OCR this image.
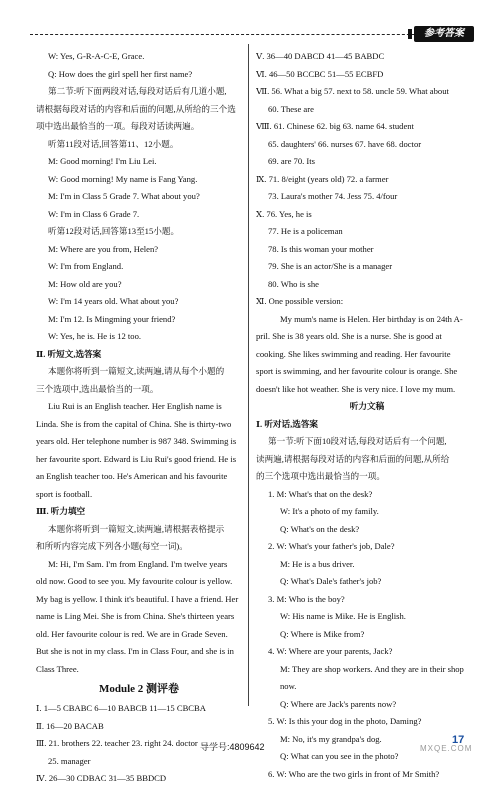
参考答案
W: Yes, G-R-A-C-E, Grace.
Q: How does the girl spell her first name?
第二节:听下面两段对话,每段对话后有几道小题,
请根据每段对话的内容和后面的问题,从所给的三个选
项中选出最恰当的一项。每段对话读两遍。
听第11段对话,回答第11、12小题。
M: Good morning! I'm Liu Lei.
W: Good morning! My name is Fang Yang.
M: I'm in Class 5 Grade 7. What about you?
W: I'm in Class 6 Grade 7.
听第12段对话,回答第13至15小题。
M: Where are you from, Helen?
W: I'm from England.
M: How old are you?
W: I'm 14 years old. What about you?
M: I'm 12. Is Mingming your friend?
W: Yes, he is. He is 12 too.
Ⅱ. 听短文,选答案
本题你将听到一篇短文,读两遍,请从每个小题的
三个选项中,选出最恰当的一项。
Liu Rui is an English teacher. Her English name is
Linda. She is from the capital of China. She is thirty-two
years old. Her telephone number is 987 348. Swimming is
her favourite sport. Edward is Liu Rui's good friend. He is
an English teacher too. He's American and his favourite
sport is football.
Ⅲ. 听力填空
本题你将听到一篇短文,读两遍,请根据表格提示
和所听内容完成下列各小题(每空一词)。
M: Hi, I'm Sam. I'm from England. I'm twelve years
old now. Good to see you. My favourite colour is yellow.
My bag is yellow. I think it's beautiful. I have a friend. Her
name is Ling Mei. She is from China. She's thirteen years
old. Her favourite colour is red. We are in Grade Seven.
But she is not in my class. I'm in Class Four, and she is in
Class Three.
Module 2 测评卷
Ⅰ. 1—5 CBABC 6—10 BABCB 11—15 CBCBA
Ⅱ. 16—20 BACAB
Ⅲ. 21. brothers 22. teacher 23. right 24. doctor
25. manager
Ⅳ. 26—30 CDBAC 31—35 BBDCD
Ⅴ. 36—40 DABCD 41—45 BABDC
Ⅵ. 46—50 BCCBC 51—55 ECBFD
Ⅶ. 56. What a big 57. next to 58. uncle 59. What about
60. These are
Ⅷ. 61. Chinese 62. big 63. name 64. student
65. daughters' 66. nurses 67. have 68. doctor
69. are 70. Its
Ⅸ. 71. 8/eight (years old) 72. a farmer
73. Laura's mother 74. Jess 75. 4/four
Ⅹ. 76. Yes, he is
77. He is a policeman
78. Is this woman your mother
79. She is an actor/She is a manager
80. Who is she
Ⅺ. One possible version:
My mum's name is Helen. Her birthday is on 24th A-
pril. She is 38 years old. She is a nurse. She is good at
cooking. She likes swimming and reading. Her favourite
sport is swimming, and her favourite colour is orange. She
doesn't like hot weather. She is very nice. I love my mum.
听力文稿
Ⅰ. 听对话,选答案
第一节:听下面10段对话,每段对话后有一个问题,
读两遍,请根据每段对话的内容和后面的问题,从所给
的三个选项中选出最恰当的一项。
1. M: What's that on the desk?
W: It's a photo of my family.
Q: What's on the desk?
2. W: What's your father's job, Dale?
M: He is a bus driver.
Q: What's Dale's father's job?
3. M: Who is the boy?
W: His name is Mike. He is English.
Q: Where is Mike from?
4. W: Where are your parents, Jack?
M: They are shop workers. And they are in their shop
now.
Q: Where are Jack's parents now?
5. W: Is this your dog in the photo, Daming?
M: No, it's my grandpa's dog.
Q: What can you see in the photo?
6. W: Who are the two girls in front of Mr Smith?
导学号:4809642
17
MXQE.COM
